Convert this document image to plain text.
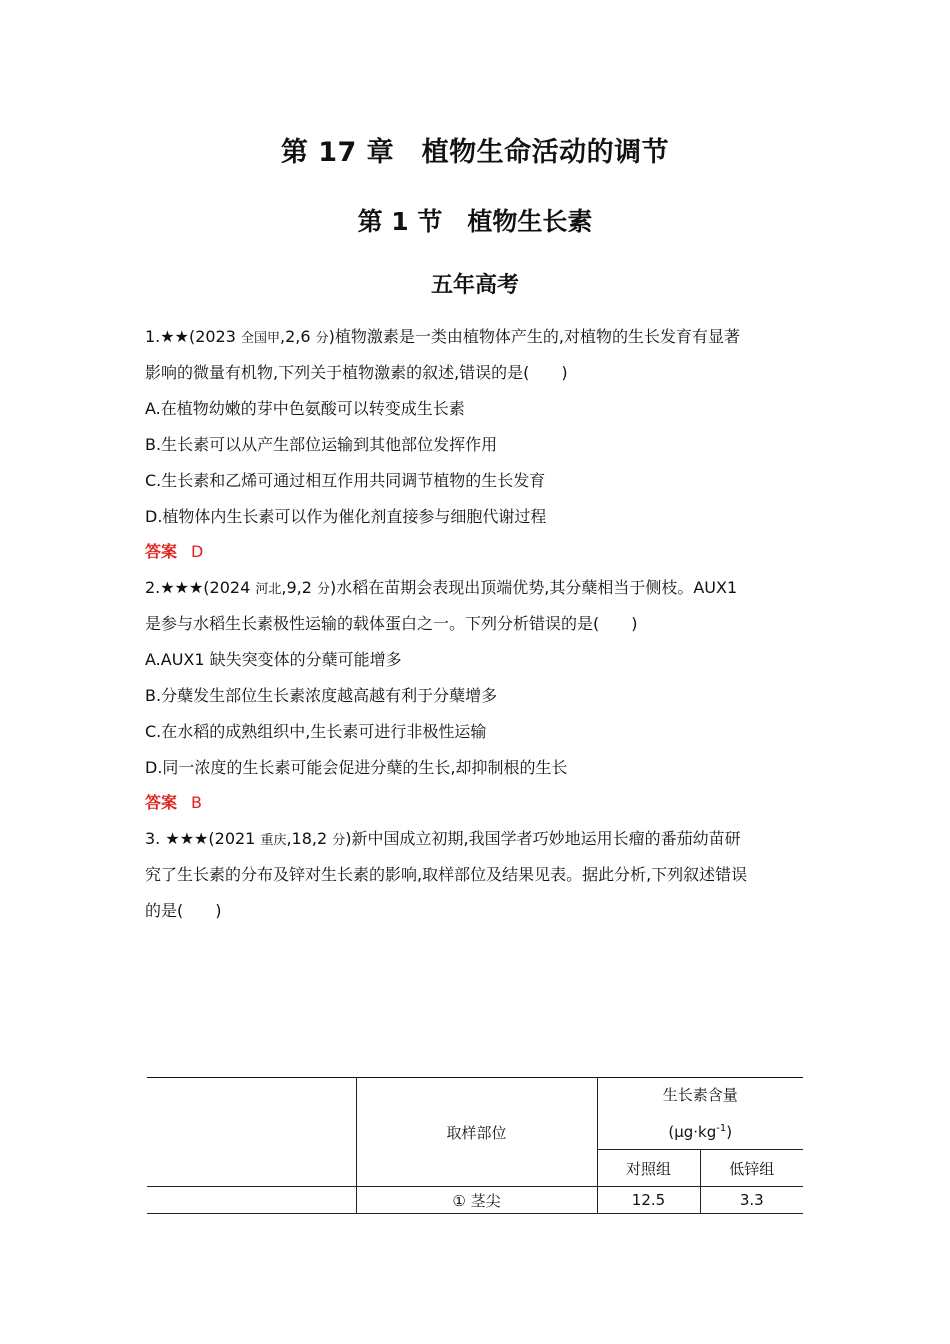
第 17 章　植物生命活动的调节
第 1 节　植物生长素
五年高考
1.★★(2023 全国甲,2,6 分)植物激素是一类由植物体产生的,对植物的生长发育有显著
影响的微量有机物,下列关于植物激素的叙述,错误的是(　　)
A.在植物幼嫩的芽中色氨酸可以转变成生长素
B.生长素可以从产生部位运输到其他部位发挥作用
C.生长素和乙烯可通过相互作用共同调节植物的生长发育
D.植物体内生长素可以作为催化剂直接参与细胞代谢过程
答案 D
2.★★★(2024 河北,9,2 分)水稻在苗期会表现出顶端优势,其分蘖相当于侧枝。AUX1
是参与水稻生长素极性运输的载体蛋白之一。下列分析错误的是(　　)
A.AUX1 缺失突变体的分蘖可能增多
B.分蘖发生部位生长素浓度越高越有利于分蘖增多
C.在水稻的成熟组织中,生长素可进行非极性运输
D.同一浓度的生长素可能会促进分蘖的生长,却抑制根的生长
答案 B
3. ★★★(2021 重庆,18,2 分)新中国成立初期,我国学者巧妙地运用长瘤的番茄幼苗研
究了生长素的分布及锌对生长素的影响,取样部位及结果见表。据此分析,下列叙述错误
的是(　　)
	取样部位	生长素含量
$(\mu g\cdot kg^{-1})$	

		对照组	低锌组
	① 茎尖	12.5	3.3
